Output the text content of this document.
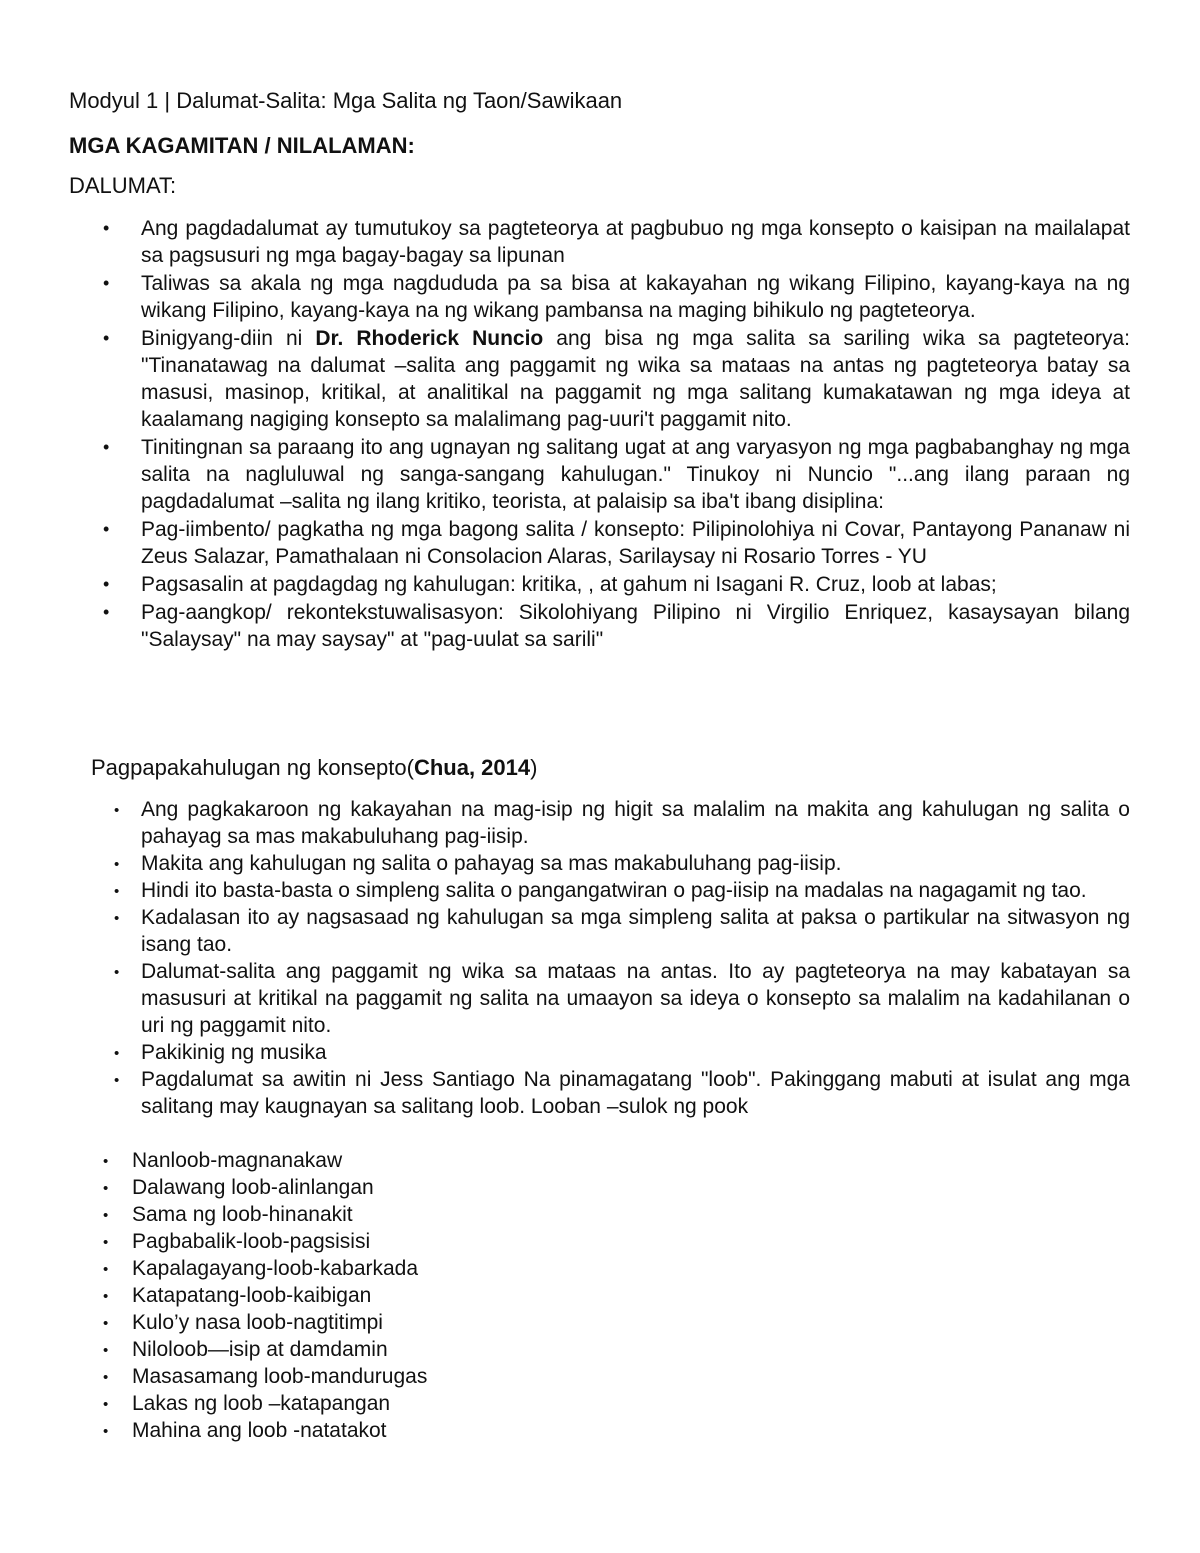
Modyul 1 | Dalumat-Salita: Mga Salita ng Taon/Sawikaan

MGA KAGAMITAN / NILALAMAN:

DALUMAT:

• Ang pagdadalumat ay tumutukoy sa pagteteorya at pagbubuo ng mga konsepto o kaisipan na mailalapat sa pagsusuri ng mga bagay-bagay sa lipunan
• Taliwas sa akala ng mga nagdududa pa sa bisa at kakayahan ng wikang Filipino, kayang-kaya na ng wikang Filipino, kayang-kaya na ng wikang pambansa na maging bihikulo ng pagteteorya.
• Binigyang-diin ni Dr. Rhoderick Nuncio ang bisa ng mga salita sa sariling wika sa pagteteorya: "Tinanatawag na dalumat –salita ang paggamit ng wika sa mataas na antas ng pagteteorya batay sa masusi, masinop, kritikal, at analitikal na paggamit ng mga salitang kumakatawan ng mga ideya at kaalamang nagiging konsepto sa malalimang pag-uuri't paggamit nito.
• Tinitingnan sa paraang ito ang ugnayan ng salitang ugat at ang varyasyon ng mga pagbabanghay ng mga salita na nagluluwal ng sanga-sangang kahulugan." Tinukoy ni Nuncio "...ang ilang paraan ng pagdadalumat –salita ng ilang kritiko, teorista, at palaisip sa iba't ibang disiplina:
• Pag-iimbento/ pagkatha ng mga bagong salita / konsepto: Pilipinolohiya ni Covar, Pantayong Pananaw ni Zeus Salazar, Pamathalaan ni Consolacion Alaras, Sarilaysay ni Rosario Torres - YU
• Pagsasalin at pagdagdag ng kahulugan: kritika, , at gahum ni Isagani R. Cruz, loob at labas;
• Pag-aangkop/ rekontekstuwalisasyon: Sikolohiyang Pilipino ni Virgilio Enriquez, kasaysayan bilang "Salaysay" na may saysay" at "pag-uulat sa sarili"

Pagpapakahulugan ng konsepto(Chua, 2014)

• Ang pagkakaroon ng kakayahan na mag-isip ng higit sa malalim na makita ang kahulugan ng salita o pahayag sa mas makabuluhang pag-iisip.
• Makita ang kahulugan ng salita o pahayag sa mas makabuluhang pag-iisip.
• Hindi ito basta-basta o simpleng salita o pangangatwiran o pag-iisip na madalas na nagagamit ng tao.
• Kadalasan ito ay nagsasaad ng kahulugan sa mga simpleng salita at paksa o partikular na sitwasyon ng isang tao.
• Dalumat-salita ang paggamit ng wika sa mataas na antas. Ito ay pagteteorya na may kabatayan sa masusuri at kritikal na paggamit ng salita na umaayon sa ideya o konsepto sa malalim na kadahilanan o uri ng paggamit nito.
• Pakikinig ng musika
• Pagdalumat sa awitin ni Jess Santiago Na pinamagatang "loob". Pakinggang mabuti at isulat ang mga salitang may kaugnayan sa salitang loob. Looban –sulok ng pook
• Nanloob-magnanakaw
• Dalawang loob-alinlangan
• Sama ng loob-hinanakit
• Pagbabalik-loob-pagsisisi
• Kapalagayang-loob-kabarkada
• Katapatang-loob-kaibigan
• Kulo’y nasa loob-nagtitimpi
• Niloloob—isip at damdamin
• Masasamang loob-mandurugas
• Lakas ng loob –katapangan
• Mahina ang loob -natatakot
